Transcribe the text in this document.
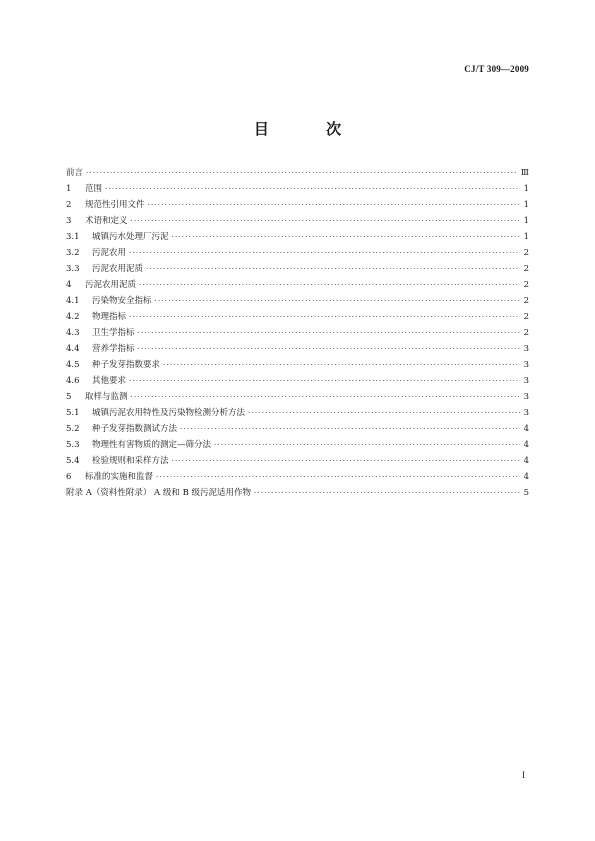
CJ/T 309—2009
目 次
前言 ·····	Ⅲ
1	范围 ·····	1
2	规范性引用文件 ·····	1
3	术语和定义 ·····	1
3.1	城镇污水处理厂污泥 ·····	1
3.2	污泥农用 ·····	2
3.3	污泥农用泥质 ·····	2
4	污泥农用泥质 ·····	2
4.1	污染物安全指标 ·····	2
4.2	物理指标 ·····	2
4.3	卫生学指标 ·····	2
4.4	营养学指标 ·····	3
4.5	种子发芽指数要求 ·····	3
4.6	其他要求 ·····	3
5	取样与监测 ·····	3
5.1	城镇污泥农用特性及污染物检测分析方法 ·····	3
5.2	种子发芽指数测试方法 ·····	4
5.3	物理性有害物质的测定—筛分法 ·····	4
5.4	检验规则和采样方法 ·····	4
6	标准的实施和监督 ·····	4
附录 A（资料性附录） A 级和 B 级污泥适用作物 ·····	5
I
